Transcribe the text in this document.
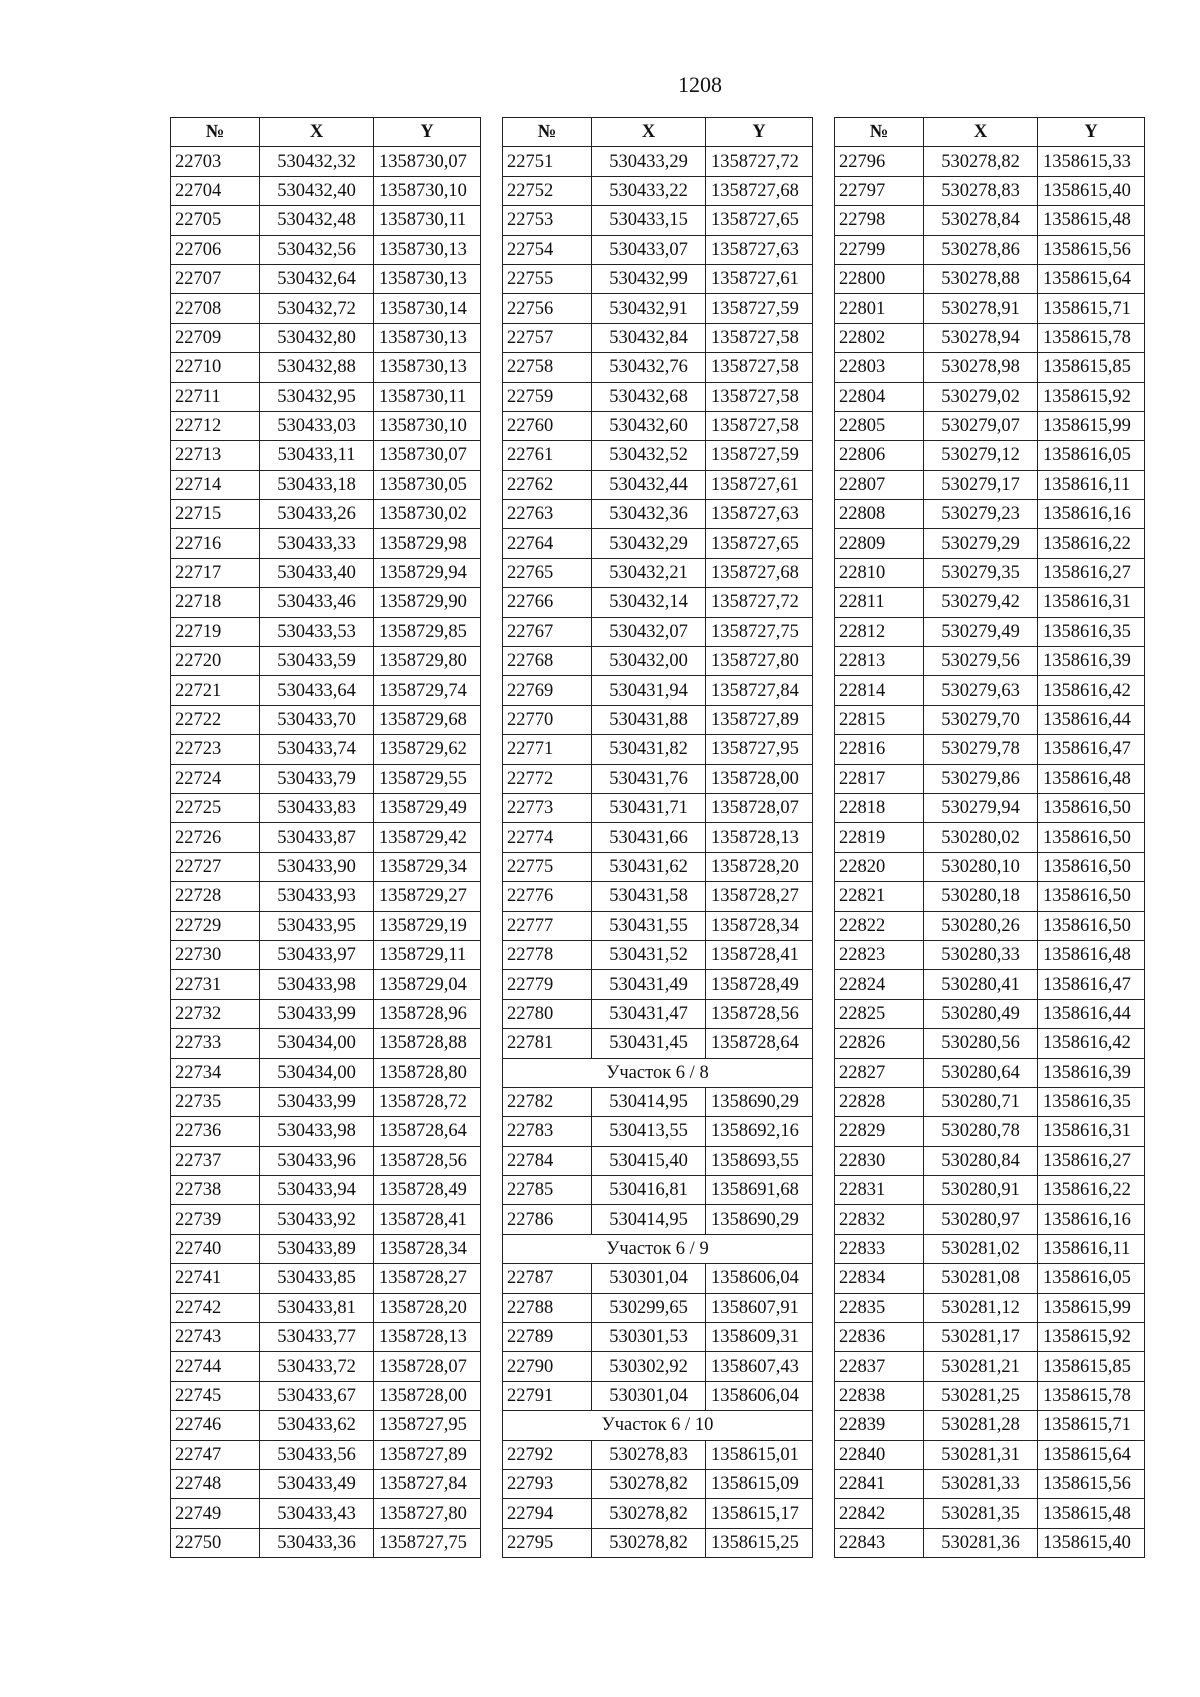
1208
№	X	Y
22703	530432,32	1358730,07
22704	530432,40	1358730,10
22705	530432,48	1358730,11
22706	530432,56	1358730,13
22707	530432,64	1358730,13
22708	530432,72	1358730,14
22709	530432,80	1358730,13
22710	530432,88	1358730,13
22711	530432,95	1358730,11
22712	530433,03	1358730,10
22713	530433,11	1358730,07
22714	530433,18	1358730,05
22715	530433,26	1358730,02
22716	530433,33	1358729,98
22717	530433,40	1358729,94
22718	530433,46	1358729,90
22719	530433,53	1358729,85
22720	530433,59	1358729,80
22721	530433,64	1358729,74
22722	530433,70	1358729,68
22723	530433,74	1358729,62
22724	530433,79	1358729,55
22725	530433,83	1358729,49
22726	530433,87	1358729,42
22727	530433,90	1358729,34
22728	530433,93	1358729,27
22729	530433,95	1358729,19
22730	530433,97	1358729,11
22731	530433,98	1358729,04
22732	530433,99	1358728,96
22733	530434,00	1358728,88
22734	530434,00	1358728,80
22735	530433,99	1358728,72
22736	530433,98	1358728,64
22737	530433,96	1358728,56
22738	530433,94	1358728,49
22739	530433,92	1358728,41
22740	530433,89	1358728,34
22741	530433,85	1358728,27
22742	530433,81	1358728,20
22743	530433,77	1358728,13
22744	530433,72	1358728,07
22745	530433,67	1358728,00
22746	530433,62	1358727,95
22747	530433,56	1358727,89
22748	530433,49	1358727,84
22749	530433,43	1358727,80
22750	530433,36	1358727,75
№	X	Y
22751	530433,29	1358727,72
22752	530433,22	1358727,68
22753	530433,15	1358727,65
22754	530433,07	1358727,63
22755	530432,99	1358727,61
22756	530432,91	1358727,59
22757	530432,84	1358727,58
22758	530432,76	1358727,58
22759	530432,68	1358727,58
22760	530432,60	1358727,58
22761	530432,52	1358727,59
22762	530432,44	1358727,61
22763	530432,36	1358727,63
22764	530432,29	1358727,65
22765	530432,21	1358727,68
22766	530432,14	1358727,72
22767	530432,07	1358727,75
22768	530432,00	1358727,80
22769	530431,94	1358727,84
22770	530431,88	1358727,89
22771	530431,82	1358727,95
22772	530431,76	1358728,00
22773	530431,71	1358728,07
22774	530431,66	1358728,13
22775	530431,62	1358728,20
22776	530431,58	1358728,27
22777	530431,55	1358728,34
22778	530431,52	1358728,41
22779	530431,49	1358728,49
22780	530431,47	1358728,56
22781	530431,45	1358728,64
Участок 6 / 8		
22782	530414,95	1358690,29
22783	530413,55	1358692,16
22784	530415,40	1358693,55
22785	530416,81	1358691,68
22786	530414,95	1358690,29
Участок 6 / 9		
22787	530301,04	1358606,04
22788	530299,65	1358607,91
22789	530301,53	1358609,31
22790	530302,92	1358607,43
22791	530301,04	1358606,04
Участок 6 / 10		
22792	530278,83	1358615,01
22793	530278,82	1358615,09
22794	530278,82	1358615,17
22795	530278,82	1358615,25
№	X	Y
22796	530278,82	1358615,33
22797	530278,83	1358615,40
22798	530278,84	1358615,48
22799	530278,86	1358615,56
22800	530278,88	1358615,64
22801	530278,91	1358615,71
22802	530278,94	1358615,78
22803	530278,98	1358615,85
22804	530279,02	1358615,92
22805	530279,07	1358615,99
22806	530279,12	1358616,05
22807	530279,17	1358616,11
22808	530279,23	1358616,16
22809	530279,29	1358616,22
22810	530279,35	1358616,27
22811	530279,42	1358616,31
22812	530279,49	1358616,35
22813	530279,56	1358616,39
22814	530279,63	1358616,42
22815	530279,70	1358616,44
22816	530279,78	1358616,47
22817	530279,86	1358616,48
22818	530279,94	1358616,50
22819	530280,02	1358616,50
22820	530280,10	1358616,50
22821	530280,18	1358616,50
22822	530280,26	1358616,50
22823	530280,33	1358616,48
22824	530280,41	1358616,47
22825	530280,49	1358616,44
22826	530280,56	1358616,42
22827	530280,64	1358616,39
22828	530280,71	1358616,35
22829	530280,78	1358616,31
22830	530280,84	1358616,27
22831	530280,91	1358616,22
22832	530280,97	1358616,16
22833	530281,02	1358616,11
22834	530281,08	1358616,05
22835	530281,12	1358615,99
22836	530281,17	1358615,92
22837	530281,21	1358615,85
22838	530281,25	1358615,78
22839	530281,28	1358615,71
22840	530281,31	1358615,64
22841	530281,33	1358615,56
22842	530281,35	1358615,48
22843	530281,36	1358615,40
